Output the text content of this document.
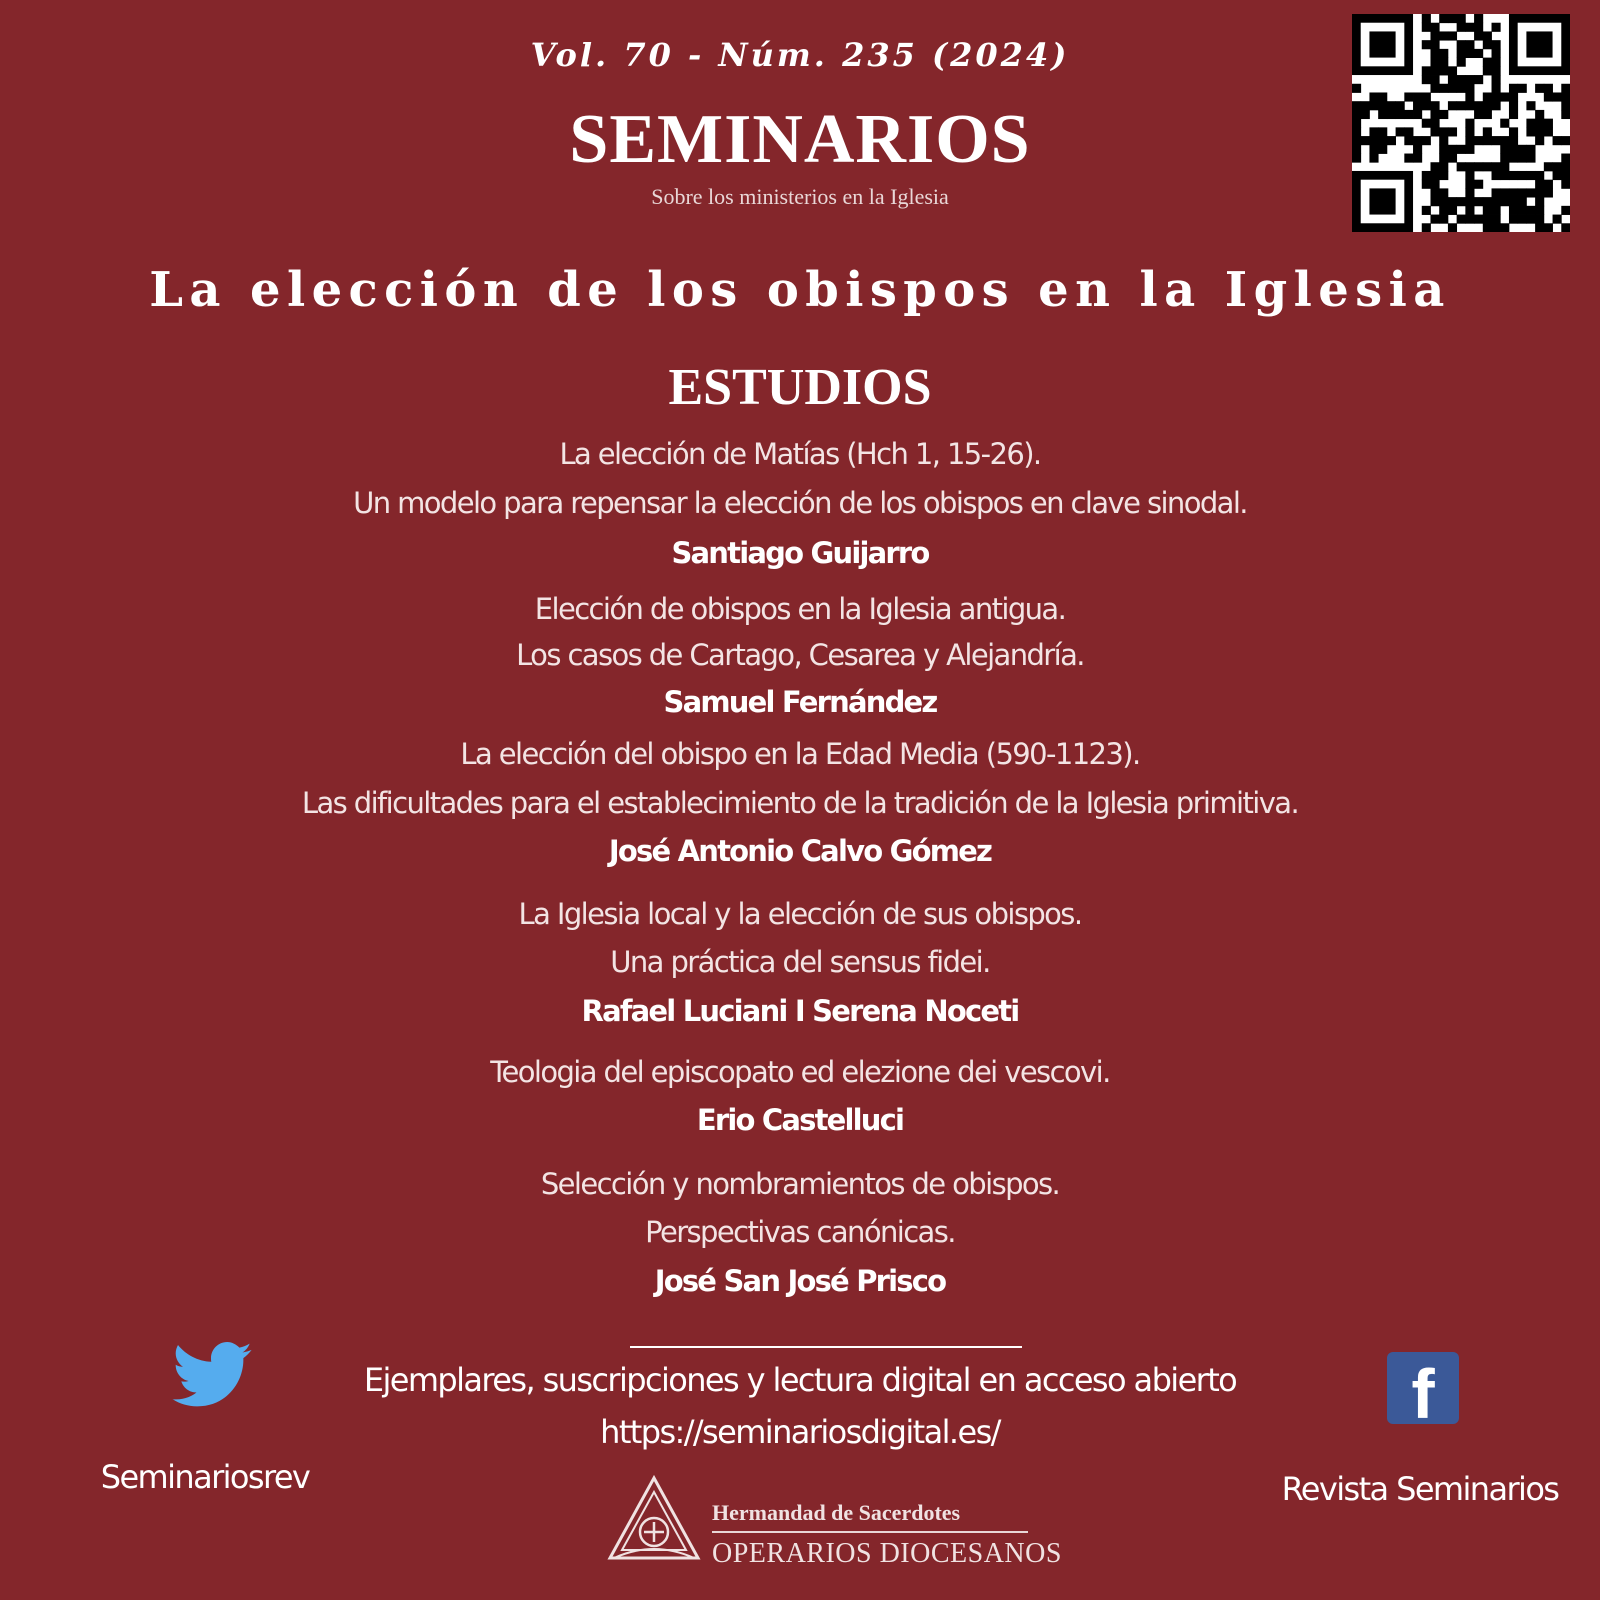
Vol. 70 - Núm. 235 (2024)
SEMINARIOS
Sobre los ministerios en la Iglesia
La elección de los obispos en la Iglesia
ESTUDIOS
La elección de Matías (Hch 1, 15-26).
Un modelo para repensar la elección de los obispos en clave sinodal.
Santiago Guijarro
Elección de obispos en la Iglesia antigua.
Los casos de Cartago, Cesarea y Alejandría.
Samuel Fernández
La elección del obispo en la Edad Media (590-1123).
Las dificultades para el establecimiento de la tradición de la Iglesia primitiva.
José Antonio Calvo Gómez
La Iglesia local y la elección de sus obispos.
Una práctica del sensus fidei.
Rafael Luciani I Serena Noceti
Teologia del episcopato ed elezione dei vescovi.
Erio Castelluci
Selección y nombramientos de obispos.
Perspectivas canónicas.
José San José Prisco
Ejemplares, suscripciones y lectura digital en acceso abierto
https://seminariosdigital.es/
Seminariosrev
f
Revista Seminarios
Hermandad de Sacerdotes
OPERARIOS DIOCESANOS
